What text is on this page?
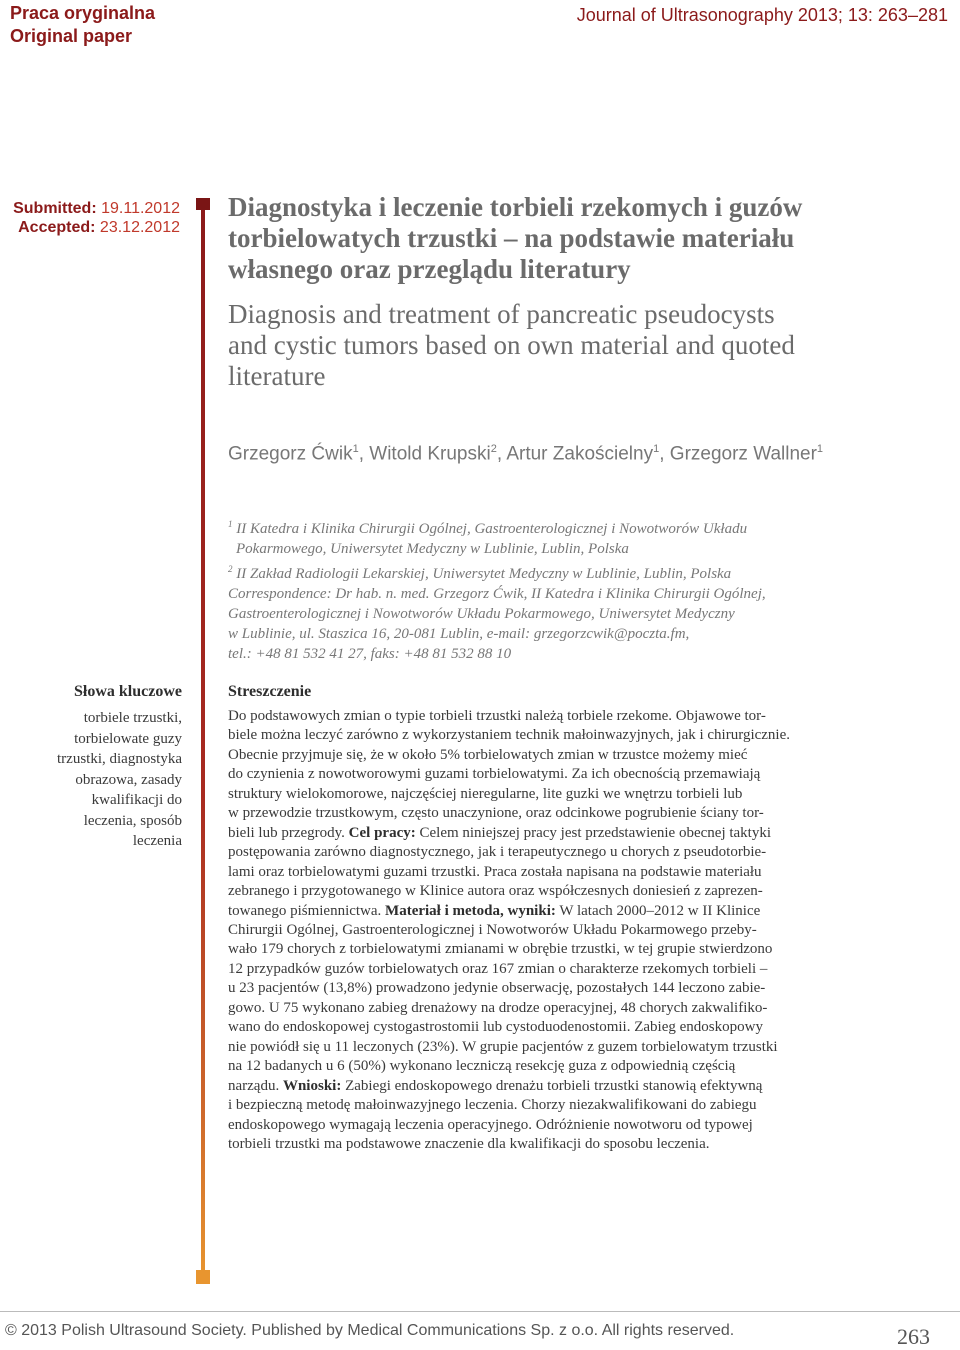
Praca oryginalna
Original paper
Journal of Ultrasonography 2013; 13: 263–281
Submitted: 19.11.2012
Accepted: 23.12.2012
Diagnostyka i leczenie torbieli rzekomych i guzów
torbielowatych trzustki – na podstawie materiału
własnego oraz przeglądu literatury
Diagnosis and treatment of pancreatic pseudocysts
and cystic tumors based on own material and quoted
literature
Grzegorz Ćwik$^1$, Witold Krupski$^2$, Artur Zakościelny$^1$, Grzegorz Wallner$^1$
$^1$ II Katedra i Klinika Chirurgii Ogólnej, Gastroenterologicznej i Nowotworów Układu
Pokarmowego, Uniwersytet Medyczny w Lublinie, Lublin, Polska
$^2$ II Zakład Radiologii Lekarskiej, Uniwersytet Medyczny w Lublinie, Lublin, Polska
Correspondence: Dr hab. n. med. Grzegorz Ćwik, II Katedra i Klinika Chirurgii Ogólnej,
Gastroenterologicznej i Nowotworów Układu Pokarmowego, Uniwersytet Medyczny
w Lublinie, ul. Staszica 16, 20-081 Lublin, e-mail: grzegorzcwik@poczta.fm,
tel.: +48 81 532 41 27, faks: +48 81 532 88 10
Słowa kluczowe
torbiele trzustki,
torbielowate guzy
trzustki, diagnostyka
obrazowa, zasady
kwalifikacji do
leczenia, sposób
leczenia
Streszczenie
Do podstawowych zmian o typie torbieli trzustki należą torbiele rzekome. Objawowe tor-
biele można leczyć zarówno z wykorzystaniem technik małoinwazyjnych, jak i chirurgicznie.
Obecnie przyjmuje się, że w około 5% torbielowatych zmian w trzustce możemy mieć
do czynienia z nowotworowymi guzami torbielowatymi. Za ich obecnością przemawiają
struktury wielokomorowe, najczęściej nieregularne, lite guzki we wnętrzu torbieli lub
w przewodzie trzustkowym, często unaczynione, oraz odcinkowe pogrubienie ściany tor-
bieli lub przegrody. Cel pracy: Celem niniejszej pracy jest przedstawienie obecnej taktyki
postępowania zarówno diagnostycznego, jak i terapeutycznego u chorych z pseudotorbie-
lami oraz torbielowatymi guzami trzustki. Praca została napisana na podstawie materiału
zebranego i przygotowanego w Klinice autora oraz współczesnych doniesień z zaprezen-
towanego piśmiennictwa. Materiał i metoda, wyniki: W latach 2000–2012 w II Klinice
Chirurgii Ogólnej, Gastroenterologicznej i Nowotworów Układu Pokarmowego przeby-
wało 179 chorych z torbielowatymi zmianami w obrębie trzustki, w tej grupie stwierdzono
12 przypadków guzów torbielowatych oraz 167 zmian o charakterze rzekomych torbieli –
u 23 pacjentów (13,8%) prowadzono jedynie obserwację, pozostałych 144 leczono zabie-
gowo. U 75 wykonano zabieg drenażowy na drodze operacyjnej, 48 chorych zakwalifiko-
wano do endoskopowej cystogastrostomii lub cystoduodenostomii. Zabieg endoskopowy
nie powiódł się u 11 leczonych (23%). W grupie pacjentów z guzem torbielowatym trzustki
na 12 badanych u 6 (50%) wykonano leczniczą resekcję guza z odpowiednią częścią
narządu. Wnioski: Zabiegi endoskopowego drenażu torbieli trzustki stanowią efektywną
i bezpieczną metodę małoinwazyjnego leczenia. Chorzy niezakwalifikowani do zabiegu
endoskopowego wymagają leczenia operacyjnego. Odróżnienie nowotworu od typowej
torbieli trzustki ma podstawowe znaczenie dla kwalifikacji do sposobu leczenia.
© 2013 Polish Ultrasound Society. Published by Medical Communications Sp. z o.o. All rights reserved.	263
